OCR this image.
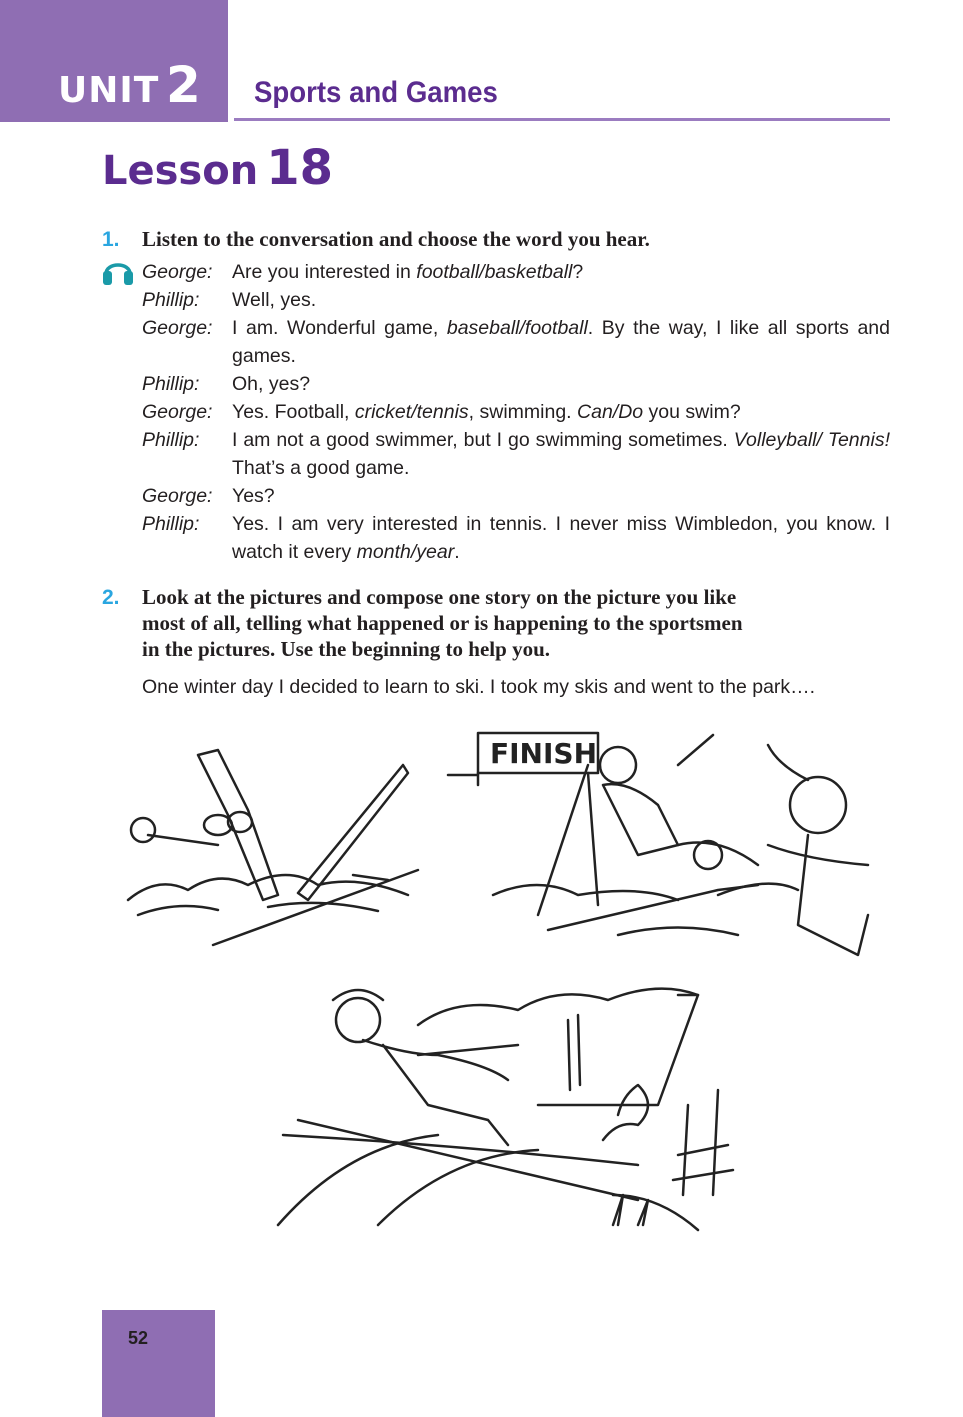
UNIT 2 Sports and Games
Lesson 18
1. Listen to the conversation and choose the word you hear.
George:	Are you interested in football/basketball?
Phillip:	Well, yes.
George:	I am. Wonderful game, baseball/football. By the way, I like all sports and games.
Phillip:	Oh, yes?
George:	Yes. Football, cricket/tennis, swimming. Can/Do you swim?
Phillip:	I am not a good swimmer, but I go swimming sometimes. Volleyball/ Tennis! That’s a good game.
George:	Yes?
Phillip:	Yes. I am very interested in tennis. I never miss Wimbledon, you know. I watch it every month/year.
2. Look at the pictures and compose one story on the picture you like
most of all, telling what happened or is happening to the sportsmen
in the pictures. Use the beginning to help you.
One winter day I decided to learn to ski. I took my skis and went to the park….
FINISH
52
